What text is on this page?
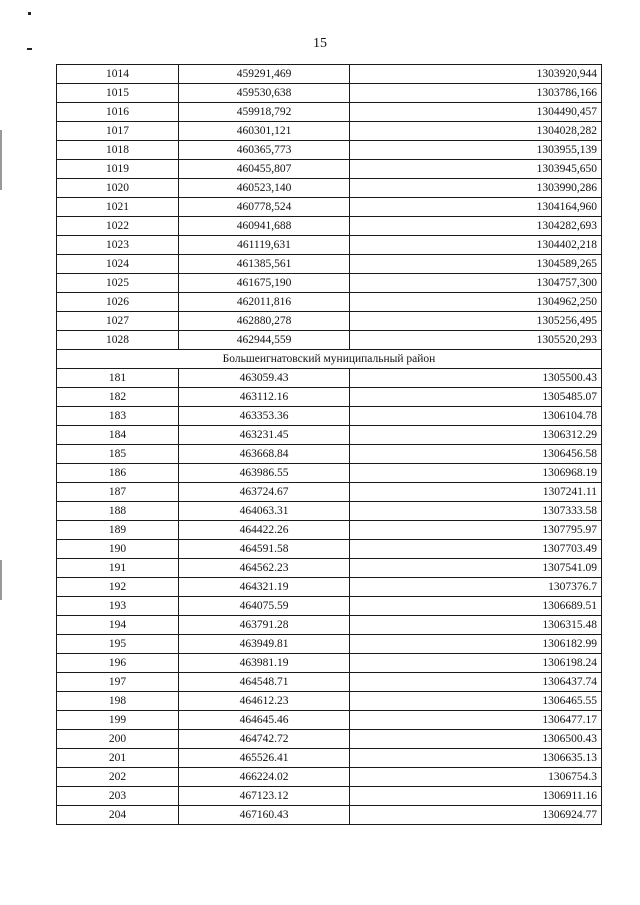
15
1014	459291,469	1303920,944
1015	459530,638	1303786,166
1016	459918,792	1304490,457
1017	460301,121	1304028,282
1018	460365,773	1303955,139
1019	460455,807	1303945,650
1020	460523,140	1303990,286
1021	460778,524	1304164,960
1022	460941,688	1304282,693
1023	461119,631	1304402,218
1024	461385,561	1304589,265
1025	461675,190	1304757,300
1026	462011,816	1304962,250
1027	462880,278	1305256,495
1028	462944,559	1305520,293
Большеигнатовский муниципальный район		
181	463059.43	1305500.43
182	463112.16	1305485.07
183	463353.36	1306104.78
184	463231.45	1306312.29
185	463668.84	1306456.58
186	463986.55	1306968.19
187	463724.67	1307241.11
188	464063.31	1307333.58
189	464422.26	1307795.97
190	464591.58	1307703.49
191	464562.23	1307541.09
192	464321.19	1307376.7
193	464075.59	1306689.51
194	463791.28	1306315.48
195	463949.81	1306182.99
196	463981.19	1306198.24
197	464548.71	1306437.74
198	464612.23	1306465.55
199	464645.46	1306477.17
200	464742.72	1306500.43
201	465526.41	1306635.13
202	466224.02	1306754.3
203	467123.12	1306911.16
204	467160.43	1306924.77
